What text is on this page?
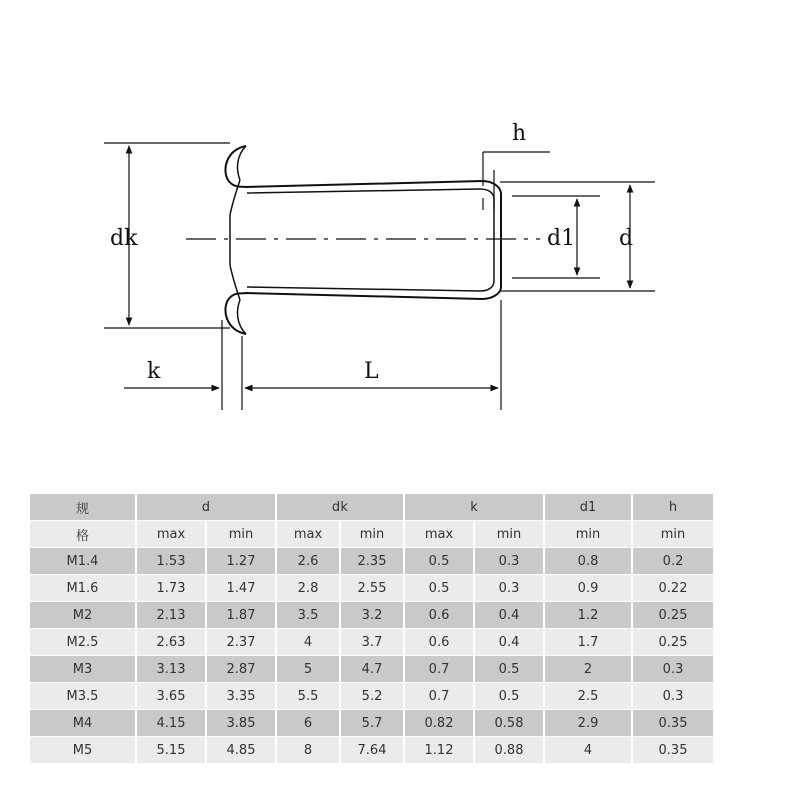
h
dk	d1 d
k	L
规	d		dk		k		d1	h
格	max	min	max	min	max	min	min	min
M1.4	1.53	1.27	2.6	2.35	0.5	0.3	0.8	0.2
M1.6	1.73	1.47	2.8	2.55	0.5	0.3	0.9	0.22
M2	2.13	1.87	3.5	3.2	0.6	0.4	1.2	0.25
M2.5	2.63	2.37	4	3.7	0.6	0.4	1.7	0.25
M3	3.13	2.87	5	4.7	0.7	0.5	2	0.3
M3.5	3.65	3.35	5.5	5.2	0.7	0.5	2.5	0.3
M4	4.15	3.85	6	5.7	0.82	0.58	2.9	0.35
M5	5.15	4.85	8	7.64	1.12	0.88	4	0.35
